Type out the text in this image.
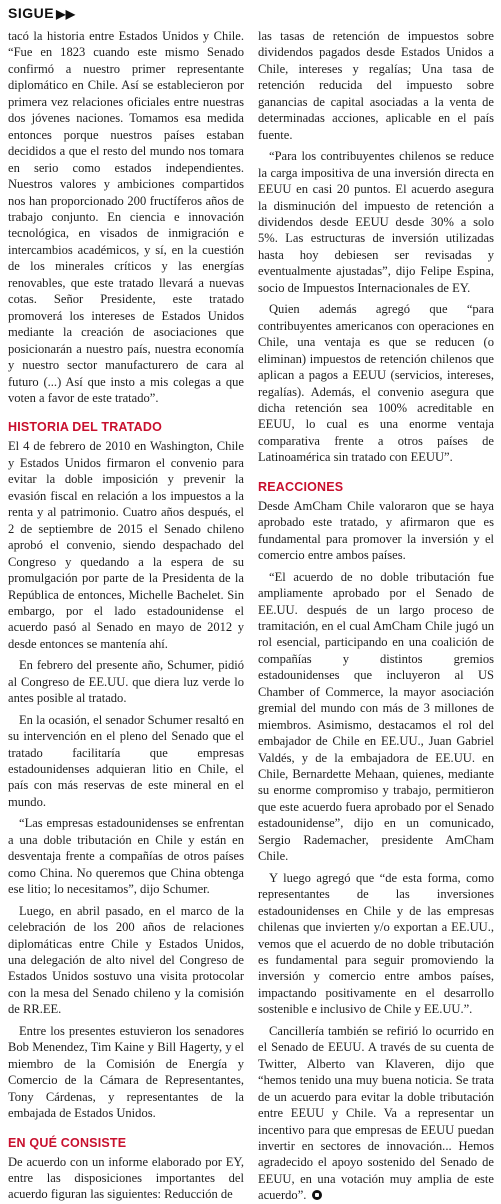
SIGUE ▶▶

tacó la historia entre Estados Unidos y Chile. “Fue en 1823 cuando este mismo Senado confirmó a nuestro primer representante diplomático en Chile. Así se establecieron por primera vez relaciones oficiales entre nuestras dos jóvenes naciones. Tomamos esa medida entonces porque nuestros países estaban decididos a que el resto del mundo nos tomara en serio como estados independientes. Nuestros valores y ambiciones compartidos nos han proporcionado 200 fructíferos años de trabajo conjunto. En ciencia e innovación tecnológica, en visados de inmigración e intercambios académicos, y sí, en la cuestión de los minerales críticos y las energías renovables, que este tratado llevará a nuevas cotas. Señor Presidente, este tratado promoverá los intereses de Estados Unidos mediante la creación de asociaciones que posicionarán a nuestro país, nuestra economía y nuestro sector manufacturero de cara al futuro (...) Así que insto a mis colegas a que voten a favor de este tratado”.

HISTORIA DEL TRATADO

El 4 de febrero de 2010 en Washington, Chile y Estados Unidos firmaron el convenio para evitar la doble imposición y prevenir la evasión fiscal en relación a los impuestos a la renta y al patrimonio. Cuatro años después, el 2 de septiembre de 2015 el Senado chileno aprobó el convenio, siendo despachado del Congreso y quedando a la espera de su promulgación por parte de la Presidenta de la República de entonces, Michelle Bachelet. Sin embargo, por el lado estadounidense el acuerdo pasó al Senado en mayo de 2012 y desde entonces se mantenía ahí.

En febrero del presente año, Schumer, pidió al Congreso de EE.UU. que diera luz verde lo antes posible al tratado.

En la ocasión, el senador Schumer resaltó en su intervención en el pleno del Senado que el tratado facilitaría que empresas estadounidenses adquieran litio en Chile, el país con más reservas de este mineral en el mundo.

“Las empresas estadounidenses se enfrentan a una doble tributación en Chile y están en desventaja frente a compañías de otros países como China. No queremos que China obtenga ese litio; lo necesitamos”, dijo Schumer.

Luego, en abril pasado, en el marco de la celebración de los 200 años de relaciones diplomáticas entre Chile y Estados Unidos, una delegación de alto nivel del Congreso de Estados Unidos sostuvo una visita protocolar con la mesa del Senado chileno y la comisión de RR.EE.

Entre los presentes estuvieron los senadores Bob Menendez, Tim Kaine y Bill Hagerty, y el miembro de la Comisión de Energía y Comercio de la Cámara de Representantes, Tony Cárdenas, y representantes de la embajada de Estados Unidos.

EN QUÉ CONSISTE

De acuerdo con un informe elaborado por EY, entre las disposiciones importantes del acuerdo figuran las siguientes: Reducción de

las tasas de retención de impuestos sobre dividendos pagados desde Estados Unidos a Chile, intereses y regalías; Una tasa de retención reducida del impuesto sobre ganancias de capital asociadas a la venta de determinadas acciones, aplicable en el país fuente.

“Para los contribuyentes chilenos se reduce la carga impositiva de una inversión directa en EEUU en casi 20 puntos. El acuerdo asegura la disminución del impuesto de retención a dividendos desde EEUU desde 30% a solo 5%. Las estructuras de inversión utilizadas hasta hoy debiesen ser revisadas y eventualmente ajustadas”, dijo Felipe Espina, socio de Impuestos Internacionales de EY.

Quien además agregó que “para contribuyentes americanos con operaciones en Chile, una ventaja es que se reducen (o eliminan) impuestos de retención chilenos que aplican a pagos a EEUU (servicios, intereses, regalías). Además, el convenio asegura que dicha retención sea 100% acreditable en EEUU, lo cual es una enorme ventaja comparativa frente a otros países de Latinoamérica sin tratado con EEUU”.

REACCIONES

Desde AmCham Chile valoraron que se haya aprobado este tratado, y afirmaron que es fundamental para promover la inversión y el comercio entre ambos países.

“El acuerdo de no doble tributación fue ampliamente aprobado por el Senado de EE.UU. después de un largo proceso de tramitación, en el cual AmCham Chile jugó un rol esencial, participando en una coalición de compañías y distintos gremios estadounidenses que incluyeron al US Chamber of Commerce, la mayor asociación gremial del mundo con más de 3 millones de miembros. Asimismo, destacamos el rol del embajador de Chile en EE.UU., Juan Gabriel Valdés, y de la embajadora de EE.UU. en Chile, Bernardette Mehaan, quienes, mediante su enorme compromiso y trabajo, permitieron que este acuerdo fuera aprobado por el Senado estadounidense”, dijo en un comunicado, Sergio Rademacher, presidente AmCham Chile.

Y luego agregó que “de esta forma, como representantes de las inversiones estadounidenses en Chile y de las empresas chilenas que invierten y/o exportan a EE.UU., vemos que el acuerdo de no doble tributación es fundamental para seguir promoviendo la inversión y comercio entre ambos países, impactando positivamente en el desarrollo sostenible e inclusivo de Chile y EE.UU.”.

Cancillería también se refirió lo ocurrido en el Senado de EEUU. A través de su cuenta de Twitter, Alberto van Klaveren, dijo que “hemos tenido una muy buena noticia. Se trata de un acuerdo para evitar la doble tributación entre EEUU y Chile. Va a representar un incentivo para que empresas de EEUU puedan invertir en sectores de innovación... Hemos agradecido el apoyo sostenido del Senado de EEUU, en una votación muy amplia de este acuerdo”.
